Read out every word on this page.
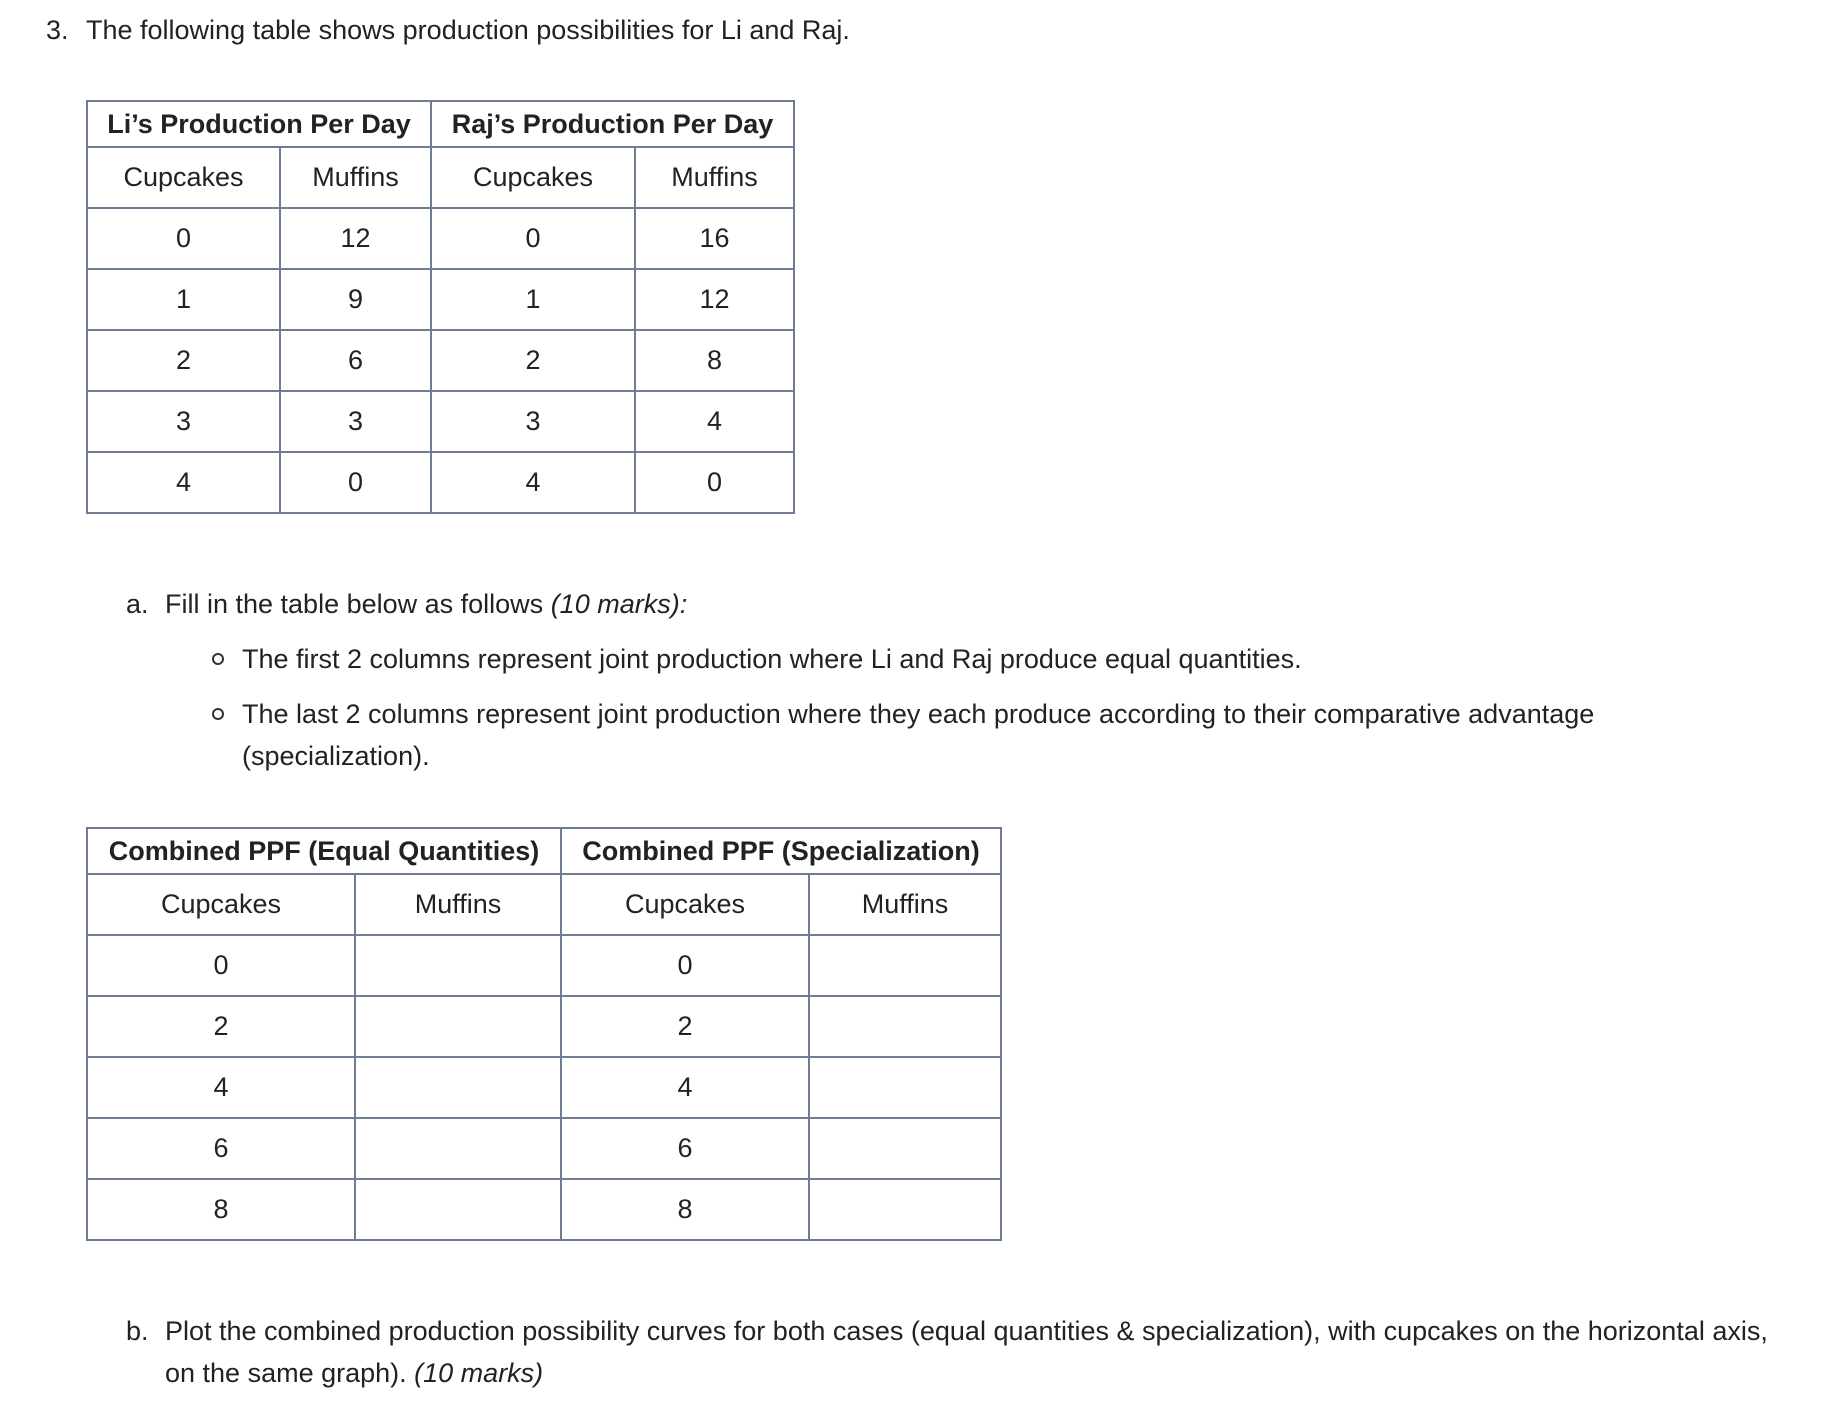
3. The following table shows production possibilities for Li and Raj.
Li’s Production Per Day		Raj’s Production Per Day	
Cupcakes	Muffins	Cupcakes	Muffins
0	12	0	16
1	9	1	12
2	6	2	8
3	3	3	4
4	0	4	0
a. Fill in the table below as follows (10 marks):
The first 2 columns represent joint production where Li and Raj produce equal quantities.
The last 2 columns represent joint production where they each produce according to their comparative advantage (specialization).
Combined PPF (Equal Quantities)		Combined PPF (Specialization)	
Cupcakes	Muffins	Cupcakes	Muffins
0		0	
2		2	
4		4	
6		6	
8		8	
b. Plot the combined production possibility curves for both cases (equal quantities & specialization), with cupcakes on the horizontal axis, on the same graph). (10 marks)
